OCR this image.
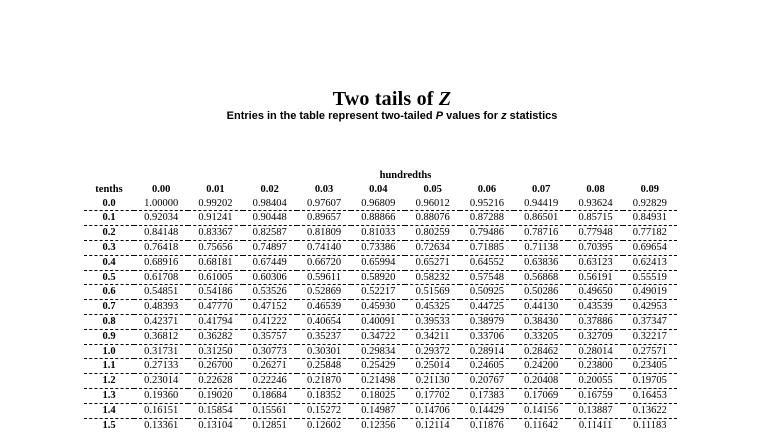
Two tails of Z
Entries in the table represent two-tailed P values for z statistics
	hundredths									
tenths	0.00	0.01	0.02	0.03	0.04	0.05	0.06	0.07	0.08	0.09
0.0	1.00000	0.99202	0.98404	0.97607	0.96809	0.96012	0.95216	0.94419	0.93624	0.92829
0.1	0.92034	0.91241	0.90448	0.89657	0.88866	0.88076	0.87288	0.86501	0.85715	0.84931
0.2	0.84148	0.83367	0.82587	0.81809	0.81033	0.80259	0.79486	0.78716	0.77948	0.77182
0.3	0.76418	0.75656	0.74897	0.74140	0.73386	0.72634	0.71885	0.71138	0.70395	0.69654
0.4	0.68916	0.68181	0.67449	0.66720	0.65994	0.65271	0.64552	0.63836	0.63123	0.62413
0.5	0.61708	0.61005	0.60306	0.59611	0.58920	0.58232	0.57548	0.56868	0.56191	0.55519
0.6	0.54851	0.54186	0.53526	0.52869	0.52217	0.51569	0.50925	0.50286	0.49650	0.49019
0.7	0.48393	0.47770	0.47152	0.46539	0.45930	0.45325	0.44725	0.44130	0.43539	0.42953
0.8	0.42371	0.41794	0.41222	0.40654	0.40091	0.39533	0.38979	0.38430	0.37886	0.37347
0.9	0.36812	0.36282	0.35757	0.35237	0.34722	0.34211	0.33706	0.33205	0.32709	0.32217
1.0	0.31731	0.31250	0.30773	0.30301	0.29834	0.29372	0.28914	0.28462	0.28014	0.27571
1.1	0.27133	0.26700	0.26271	0.25848	0.25429	0.25014	0.24605	0.24200	0.23800	0.23405
1.2	0.23014	0.22628	0.22246	0.21870	0.21498	0.21130	0.20767	0.20408	0.20055	0.19705
1.3	0.19360	0.19020	0.18684	0.18352	0.18025	0.17702	0.17383	0.17069	0.16759	0.16453
1.4	0.16151	0.15854	0.15561	0.15272	0.14987	0.14706	0.14429	0.14156	0.13887	0.13622
1.5	0.13361	0.13104	0.12851	0.12602	0.12356	0.12114	0.11876	0.11642	0.11411	0.11183
